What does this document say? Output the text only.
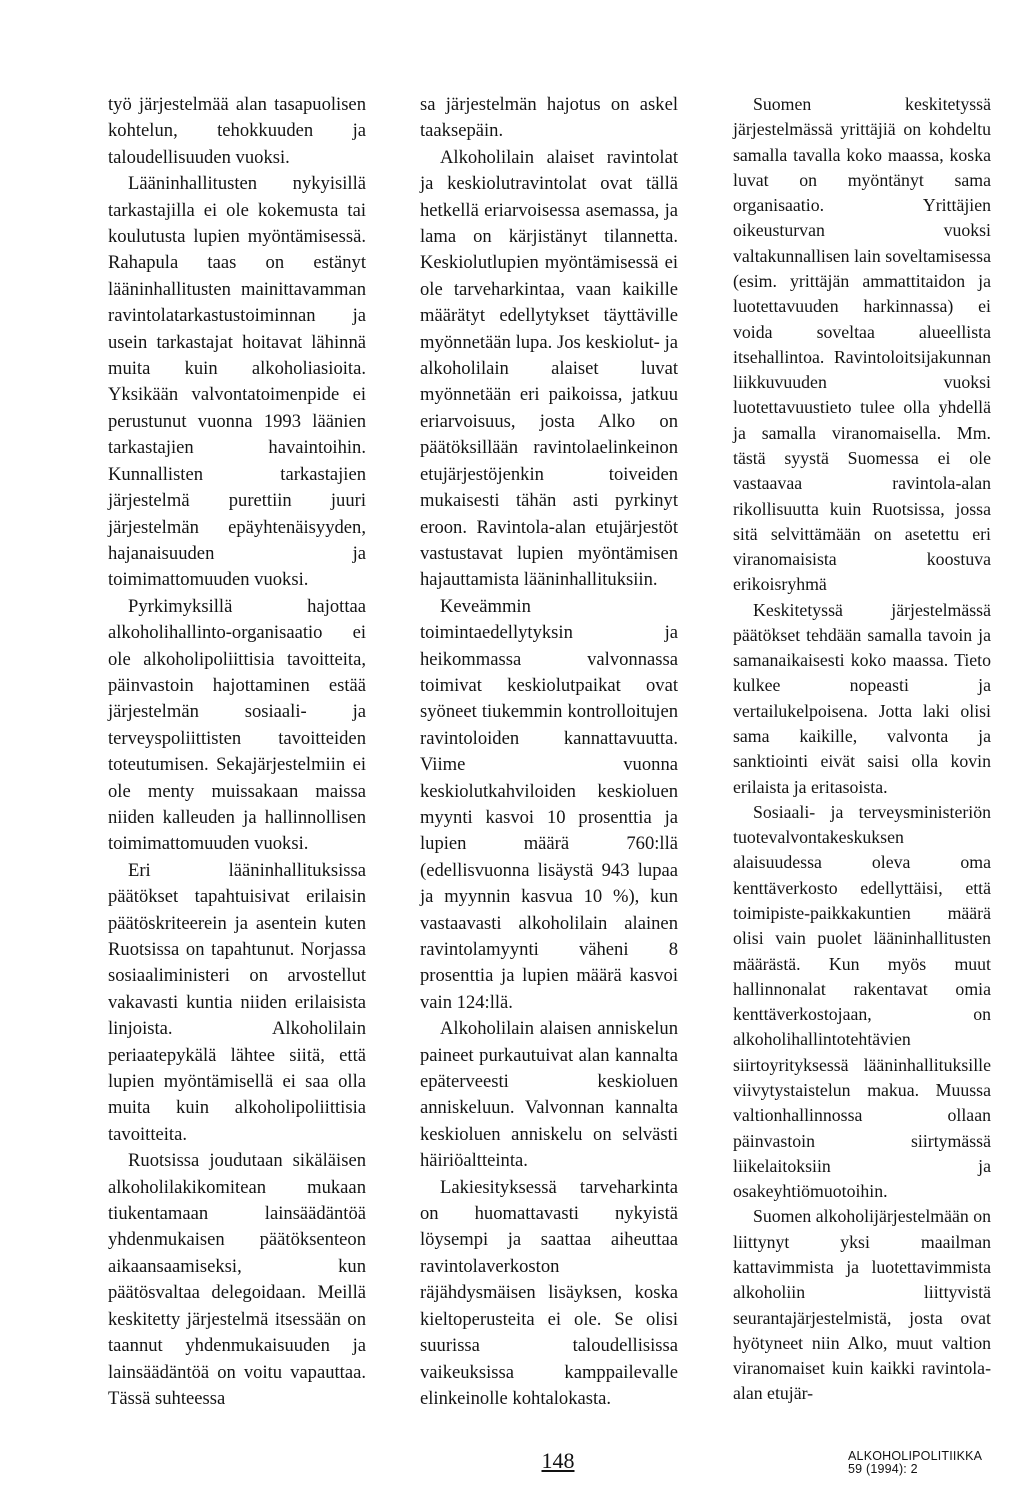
työ järjestelmää alan tasapuolisen kohtelun, tehokkuuden ja taloudellisuuden vuoksi.

Lääninhallitusten nykyisillä tarkastajilla ei ole kokemusta tai koulutusta lupien myöntämisessä. Rahapula taas on estänyt lääninhallitusten mainittavamman ravintolatarkastustoiminnan ja usein tarkastajat hoitavat lähinnä muita kuin alkoholiasioita. Yksikään valvontatoimenpide ei perustunut vuonna 1993 läänien tarkastajien havaintoihin. Kunnallisten tarkastajien järjestelmä purettiin juuri järjestelmän epäyhtenäisyyden, hajanaisuuden ja toimimattomuuden vuoksi.

Pyrkimyksillä hajottaa alkoholihallinto-organisaatio ei ole alkoholipoliittisia tavoitteita, päinvastoin hajottaminen estää järjestelmän sosiaali- ja terveyspoliittisten tavoitteiden toteutumisen. Sekajärjestelmiin ei ole menty muissakaan maissa niiden kalleuden ja hallinnollisen toimimattomuuden vuoksi.

Eri lääninhallituksissa päätökset tapahtuisivat erilaisin päätöskriteerein ja asentein kuten Ruotsissa on tapahtunut. Norjassa sosiaaliministeri on arvostellut vakavasti kuntia niiden erilaisista linjoista. Alkoholilain periaatepykälä lähtee siitä, että lupien myöntämisellä ei saa olla muita kuin alkoholipoliittisia tavoitteita.

Ruotsissa joudutaan sikäläisen alkoholilakikomitean mukaan tiukentamaan lainsäädäntöä yhdenmukaisen päätöksenteon aikaansaamiseksi, kun päätösvaltaa delegoidaan. Meillä keskitetty järjestelmä itsessään on taannut yhdenmukaisuuden ja lainsäädäntöä on voitu vapauttaa. Tässä suhteessa

sa järjestelmän hajotus on askel taaksepäin.

Alkoholilain alaiset ravintolat ja keskiolutravintolat ovat tällä hetkellä eriarvoisessa asemassa, ja lama on kärjistänyt tilannetta. Keskiolutlupien myöntämisessä ei ole tarveharkintaa, vaan kaikille määrätyt edellytykset täyttäville myönnetään lupa. Jos keskiolut- ja alkoholilain alaiset luvat myönnetään eri paikoissa, jatkuu eriarvoisuus, josta Alko on päätöksillään ravintolaelinkeinon etujärjestöjenkin toiveiden mukaisesti tähän asti pyrkinyt eroon. Ravintola-alan etujärjestöt vastustavat lupien myöntämisen hajauttamista lääninhallituksiin.

Keveämmin toimintaedellytyksin ja heikommassa valvonnassa toimivat keskiolutpaikat ovat syöneet tiukemmin kontrolloitujen ravintoloiden kannattavuutta. Viime vuonna keskiolutkahviloiden keskioluen myynti kasvoi 10 prosenttia ja lupien määrä 760:llä (edellisvuonna lisäystä 943 lupaa ja myynnin kasvua 10 %), kun vastaavasti alkoholilain alainen ravintolamyynti väheni 8 prosenttia ja lupien määrä kasvoi vain 124:llä.

Alkoholilain alaisen anniskelun paineet purkautuivat alan kannalta epäterveesti keskioluen anniskeluun. Valvonnan kannalta keskioluen anniskelu on selvästi häiriöaltteinta.

Lakiesityksessä tarveharkinta on huomattavasti nykyistä löysempi ja saattaa aiheuttaa ravintolaverkoston räjähdysmäisen lisäyksen, koska kieltoperusteita ei ole. Se olisi suurissa taloudellisissa vaikeuksissa kamppailevalle elinkeinolle kohtalokasta.

Suomen keskitetyssä järjestelmässä yrittäjiä on kohdeltu samalla tavalla koko maassa, koska luvat on myöntänyt sama organisaatio. Yrittäjien oikeusturvan vuoksi valtakunnallisen lain soveltamisessa (esim. yrittäjän ammattitaidon ja luotettavuuden harkinnassa) ei voida soveltaa alueellista itsehallintoa. Ravintoloitsijakunnan liikkuvuuden vuoksi luotettavuustieto tulee olla yhdellä ja samalla viranomaisella. Mm. tästä syystä Suomessa ei ole vastaavaa ravintola-alan rikollisuutta kuin Ruotsissa, jossa sitä selvittämään on asetettu eri viranomaisista koostuva erikoisryhmä

Keskitetyssä järjestelmässä päätökset tehdään samalla tavoin ja samanaikaisesti koko maassa. Tieto kulkee nopeasti ja vertailukelpoisena. Jotta laki olisi sama kaikille, valvonta ja sanktiointi eivät saisi olla kovin erilaista ja eritasoista.

Sosiaali- ja terveysministeriön tuotevalvontakeskuksen alaisuudessa oleva oma kenttäverkosto edellyttäisi, että toimipiste-paikkakuntien määrä olisi vain puolet lääninhallitusten määrästä. Kun myös muut hallinnonalat rakentavat omia kenttäverkostojaan, on alkoholihallintotehtävien siirtoyrityksessä lääninhallituksille viivytystaistelun makua. Muussa valtionhallinnossa ollaan päinvastoin siirtymässä liikelaitoksiin ja osakeyhtiömuotoihin.

Suomen alkoholijärjestelmään on liittynyt yksi maailman kattavimmista ja luotettavimmista alkoholiin liittyvistä seurantajärjestelmistä, josta ovat hyötyneet niin Alko, muut valtion viranomaiset kuin kaikki ravintola-alan etujär-

148	ALKOHOLIPOLITIIKKA
59 (1994): 2
